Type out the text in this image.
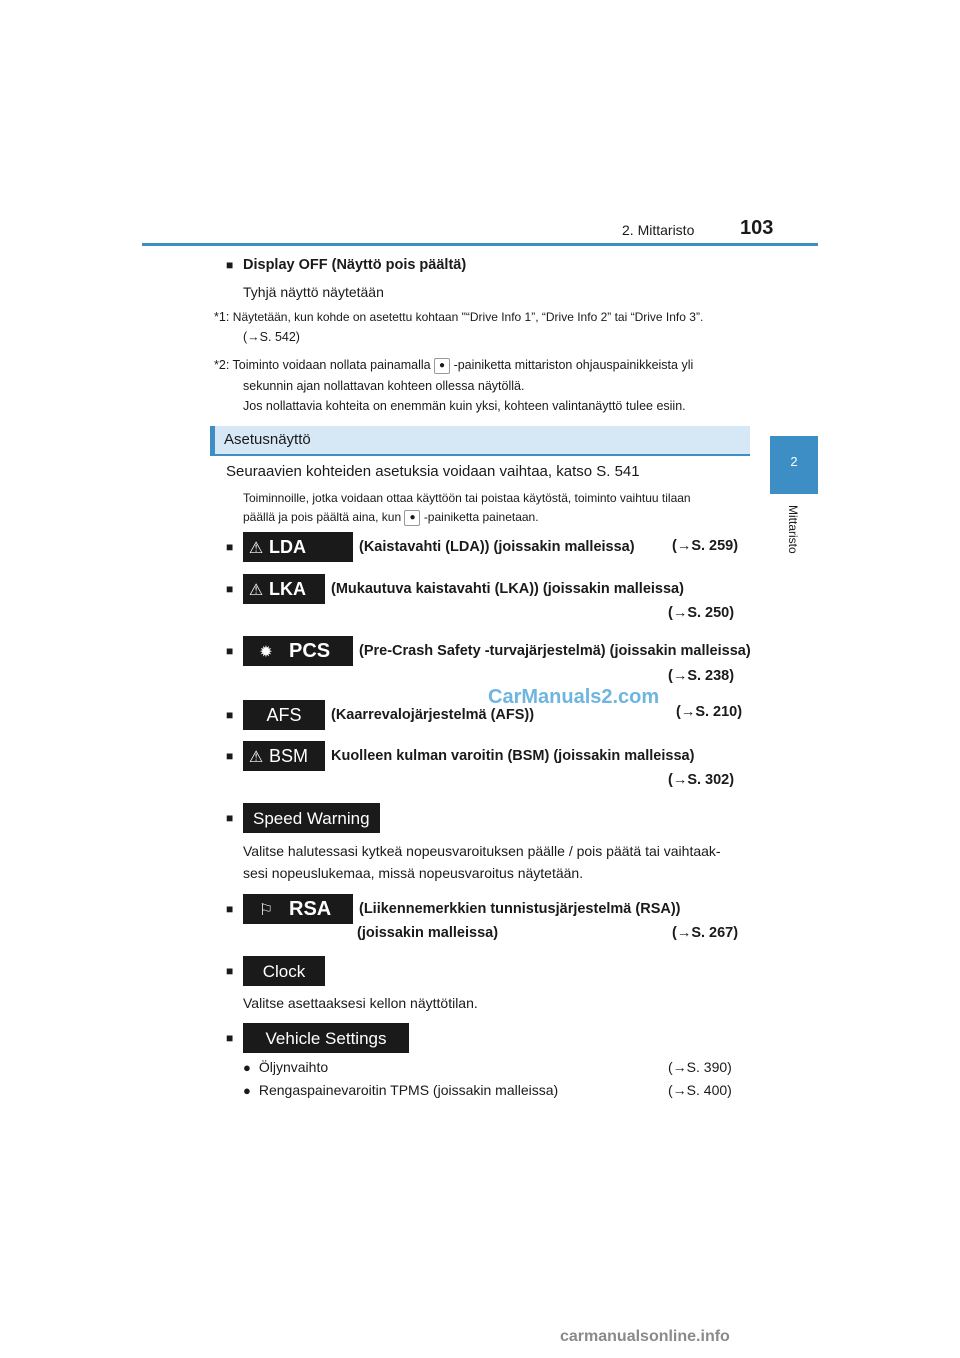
2. Mittaristo 103
2
Mittaristo
■ Display OFF (Näyttö pois päältä)
Tyhjä näyttö näytetään
*1: Näytetään, kun kohde on asetettu kohtaan "“Drive Info 1”, “Drive Info 2” tai “Drive Info 3”.
(→S. 542)
*2: Toiminto voidaan nollata painamalla ● -painiketta mittariston ohjauspainikkeista yli
sekunnin ajan nollattavan kohteen ollessa näytöllä.
Jos nollattavia kohteita on enemmän kuin yksi, kohteen valintanäyttö tulee esiin.
Asetusnäyttö
Seuraavien kohteiden asetuksia voidaan vaihtaa, katso S. 541
Toiminnoille, jotka voidaan ottaa käyttöön tai poistaa käytöstä, toiminto vaihtuu tilaan
päällä ja pois päältä aina, kun ● -painiketta painetaan.
■ ⚠ LDA	(Kaistavahti (LDA)) (joissakin malleissa)	(→S. 259)
■ ⚠ LKA	(Mukautuva kaistavahti (LKA)) (joissakin malleissa)
(→S. 250)
■	✹ PCS	(Pre-Crash Safety -turvajärjestelmä) (joissakin malleissa)
(→S. 238)
■	AFS	(Kaarrevalojärjestelmä (AFS))	(→S. 210)
■ ⚠ BSM	Kuolleen kulman varoitin (BSM) (joissakin malleissa)
(→S. 302)
■	Speed Warning
Valitse halutessasi kytkeä nopeusvaroituksen päälle / pois päätä tai vaihtaak-
sesi nopeuslukemaa, missä nopeusvaroitus näytetään.
■	⚐ RSA	(Liikennemerkkien tunnistusjärjestelmä (RSA))
(joissakin malleissa)	(→S. 267)
■	Clock
Valitse asettaaksesi kellon näyttötilan.
■	Vehicle Settings
● Öljynvaihto	(→S. 390)
● Rengaspainevaroitin TPMS (joissakin malleissa)	(→S. 400)
CarManuals2.com
carmanualsonline.info
